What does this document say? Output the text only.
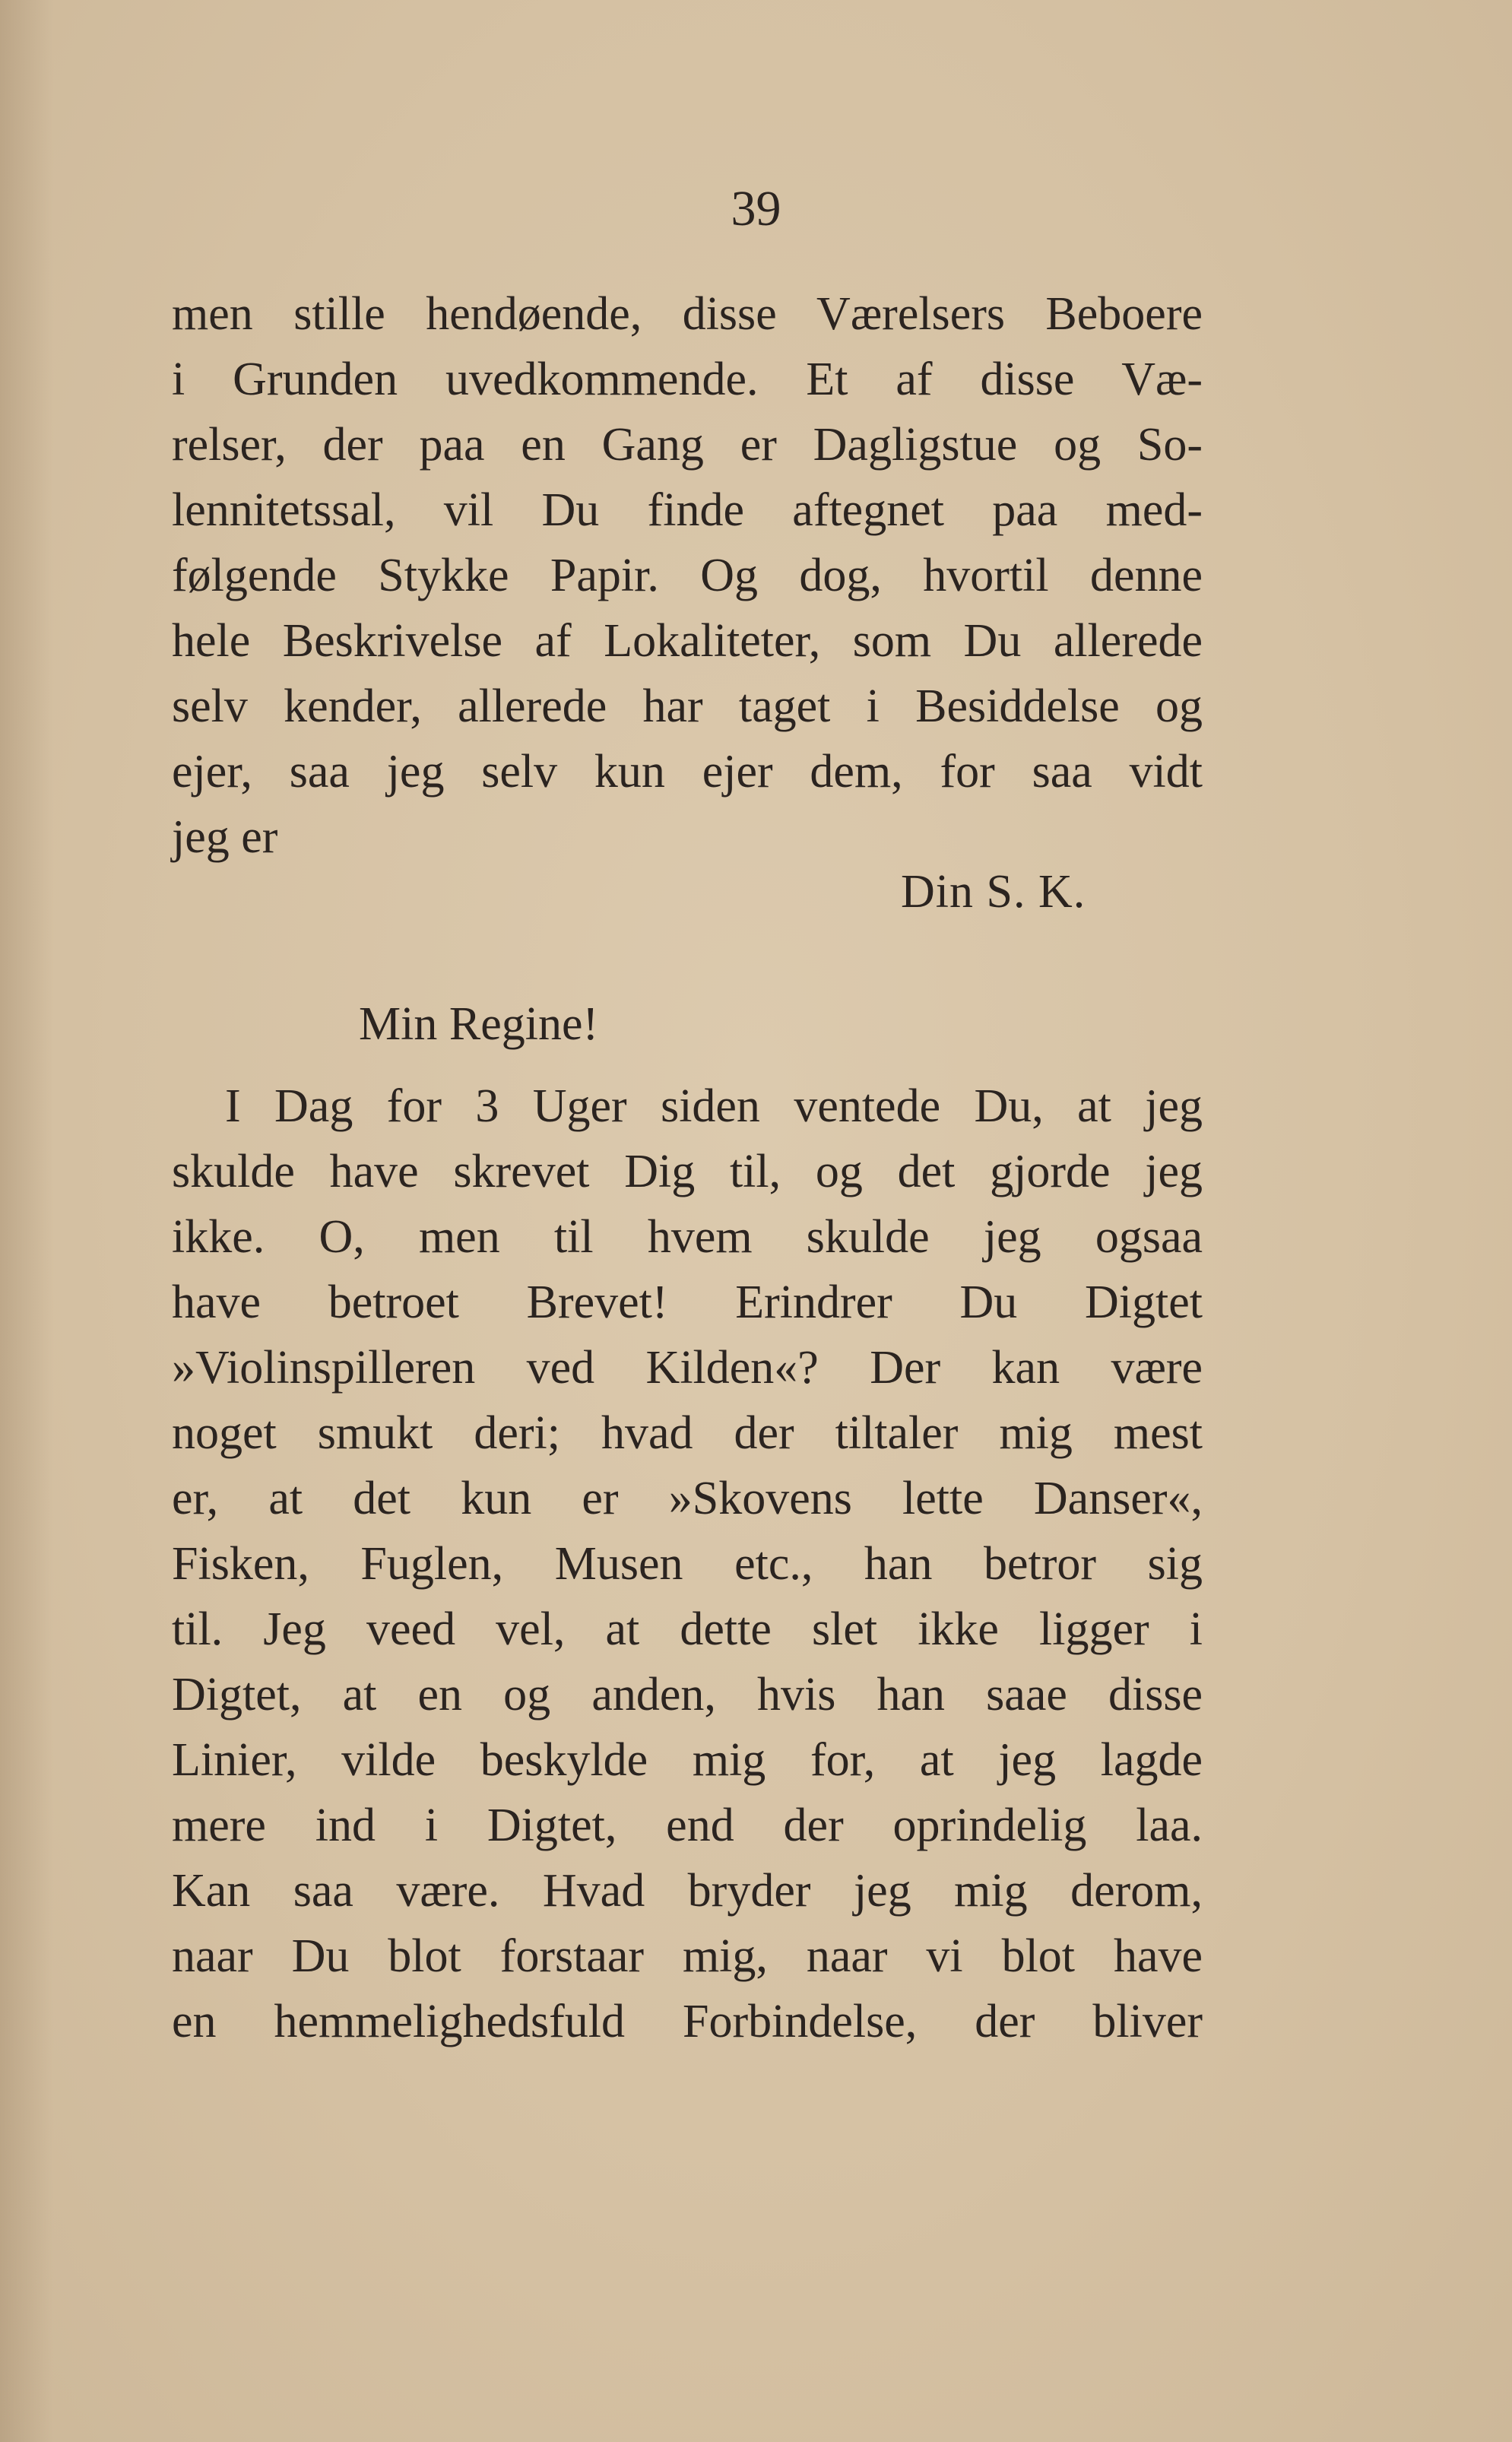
39
men stille hendøende, disse Værelsers Beboere
i Grunden uvedkommende. Et af disse Væ-
relser, der paa en Gang er Dagligstue og So-
lennitetssal, vil Du finde aftegnet paa med-
følgende Stykke Papir. Og dog, hvortil denne
hele Beskrivelse af Lokaliteter, som Du allerede
selv kender, allerede har taget i Besiddelse og
ejer, saa jeg selv kun ejer dem, for saa vidt
jeg er
Din S. K.
Min Regine!
I Dag for 3 Uger siden ventede Du, at jeg
skulde have skrevet Dig til, og det gjorde jeg
ikke. O, men til hvem skulde jeg ogsaa
have betroet Brevet! Erindrer Du Digtet
»Violinspilleren ved Kilden«? Der kan være
noget smukt deri; hvad der tiltaler mig mest
er, at det kun er »Skovens lette Danser«,
Fisken, Fuglen, Musen etc., han betror sig
til. Jeg veed vel, at dette slet ikke ligger i
Digtet, at en og anden, hvis han saae disse
Linier, vilde beskylde mig for, at jeg lagde
mere ind i Digtet, end der oprindelig laa.
Kan saa være. Hvad bryder jeg mig derom,
naar Du blot forstaar mig, naar vi blot have
en hemmelighedsfuld Forbindelse, der bliver
